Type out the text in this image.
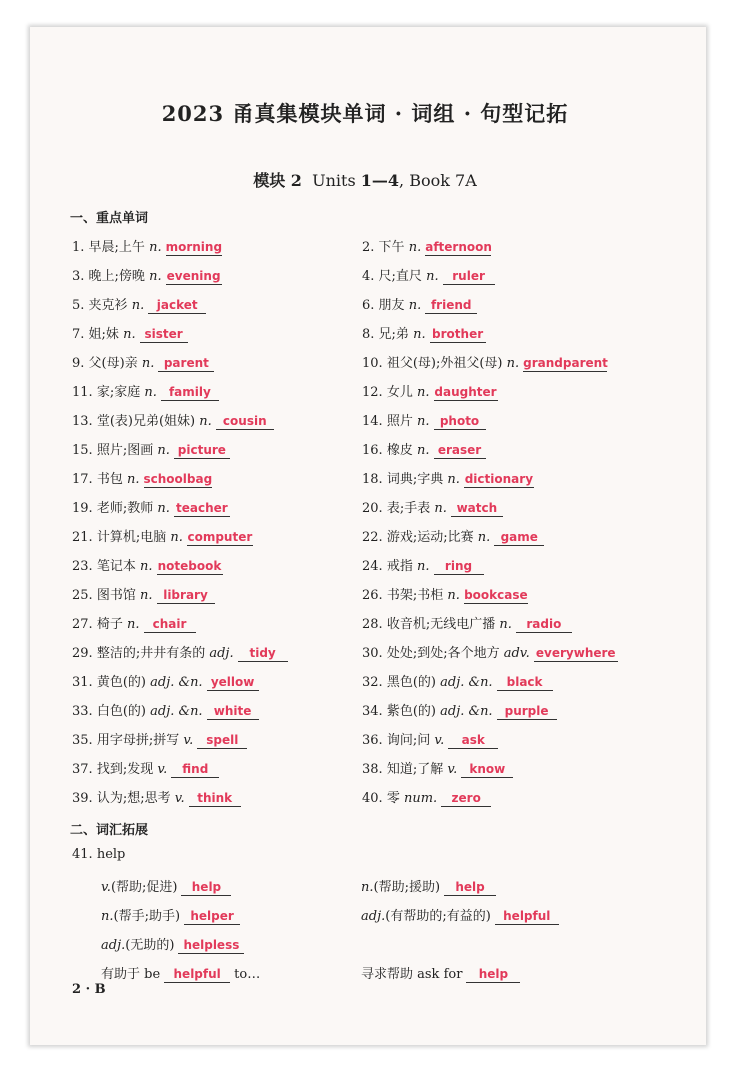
2023 甬真集模块单词 · 词组 · 句型记拓
模块 2 Units 1—4, Book 7A
一、重点单词
1. 早晨;上午 n. morning	2. 下午 n. afternoon
3. 晚上;傍晚 n. evening	4. 尺;直尺 n. ruler
5. 夹克衫 n. jacket	6. 朋友 n. friend
7. 姐;妹 n. sister	8. 兄;弟 n. brother
9. 父(母)亲 n. parent	10. 祖父(母);外祖父(母) n. grandparent
11. 家;家庭 n. family	12. 女儿 n. daughter
13. 堂(表)兄弟(姐妹) n. cousin	14. 照片 n. photo
15. 照片;图画 n. picture	16. 橡皮 n. eraser
17. 书包 n. schoolbag	18. 词典;字典 n. dictionary
19. 老师;教师 n. teacher	20. 表;手表 n. watch
21. 计算机;电脑 n. computer	22. 游戏;运动;比赛 n. game
23. 笔记本 n. notebook	24. 戒指 n. ring
25. 图书馆 n. library	26. 书架;书柜 n. bookcase
27. 椅子 n. chair	28. 收音机;无线电广播 n. radio
29. 整洁的;井井有条的 adj. tidy	30. 处处;到处;各个地方 adv. everywhere
31. 黄色(的) adj. &n. yellow	32. 黑色(的) adj. &n. black
33. 白色(的) adj. &n. white	34. 紫色(的) adj. &n. purple
35. 用字母拼;拼写 v. spell	36. 询问;问 v. ask
37. 找到;发现 v. find	38. 知道;了解 v. know
39. 认为;想;思考 v. think	40. 零 num. zero
二、词汇拓展
41. help
v.(帮助;促进) help	n.(帮助;援助) help
n.(帮手;助手) helper	adj.(有帮助的;有益的) helpful
adj.(无助的) helpless
有助于 be helpful to…	寻求帮助 ask for help
2 · B
